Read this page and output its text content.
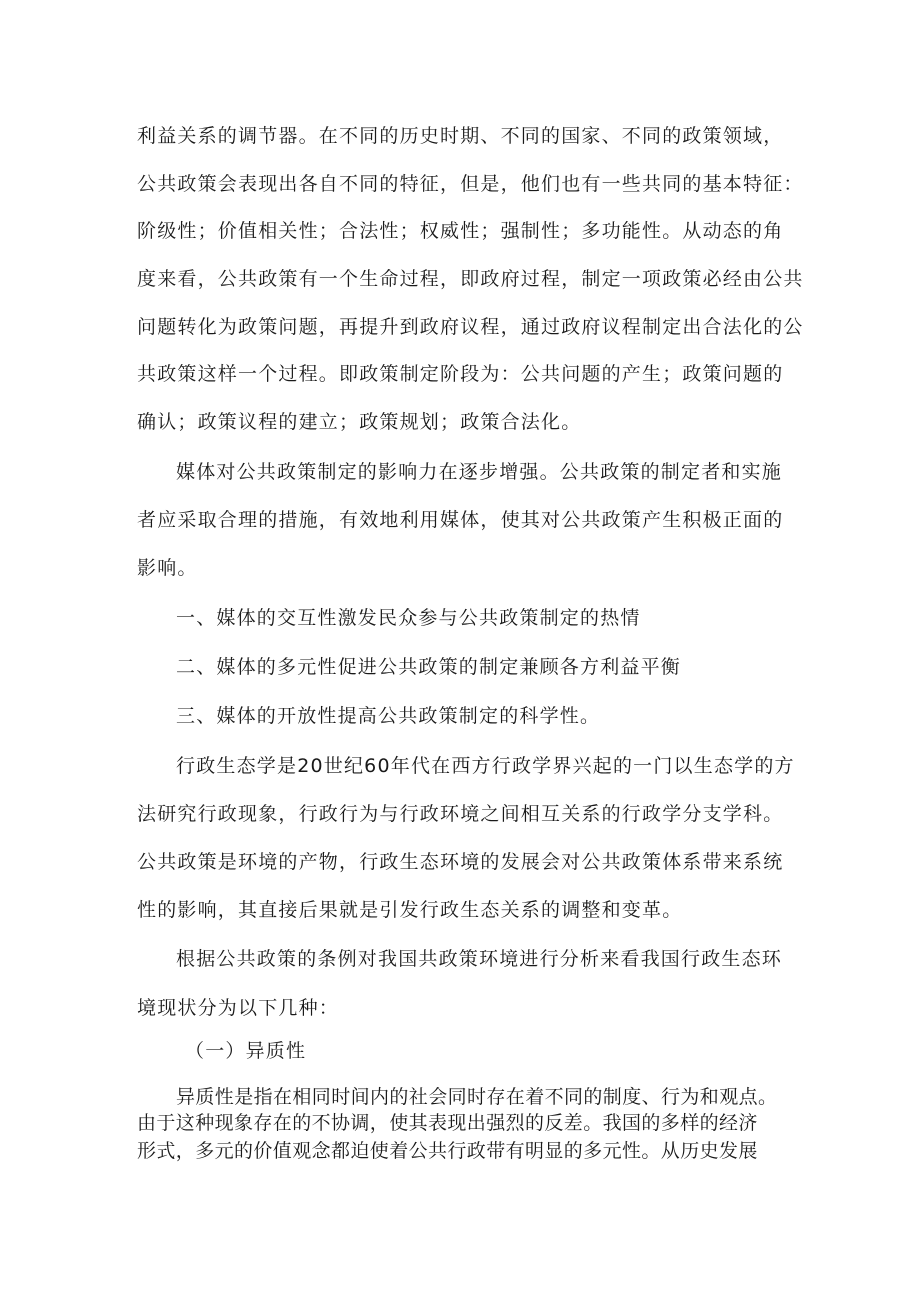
利益关系的调节器。在不同的历史时期、不同的国家、不同的政策领域，
公共政策会表现出各自不同的特征，但是，他们也有一些共同的基本特征：
阶级性；价值相关性；合法性；权威性；强制性；多功能性。从动态的角
度来看，公共政策有一个生命过程，即政府过程，制定一项政策必经由公共
问题转化为政策问题，再提升到政府议程，通过政府议程制定出合法化的公
共政策这样一个过程。即政策制定阶段为：公共问题的产生；政策问题的
确认；政策议程的建立；政策规划；政策合法化。
媒体对公共政策制定的影响力在逐步增强。公共政策的制定者和实施
者应采取合理的措施，有效地利用媒体，使其对公共政策产生积极正面的
影响。
一、媒体的交互性激发民众参与公共政策制定的热情
二、媒体的多元性促进公共政策的制定兼顾各方利益平衡
三、媒体的开放性提高公共政策制定的科学性。
行政生态学是20世纪60年代在西方行政学界兴起的一门以生态学的方
法研究行政现象，行政行为与行政环境之间相互关系的行政学分支学科。
公共政策是环境的产物，行政生态环境的发展会对公共政策体系带来系统
性的影响，其直接后果就是引发行政生态关系的调整和变革。
根据公共政策的条例对我国共政策环境进行分析来看我国行政生态环
境现状分为以下几种：
（一）异质性
异质性是指在相同时间内的社会同时存在着不同的制度、行为和观点。
由于这种现象存在的不协调，使其表现出强烈的反差。我国的多样的经济
形式，多元的价值观念都迫使着公共行政带有明显的多元性。从历史发展
